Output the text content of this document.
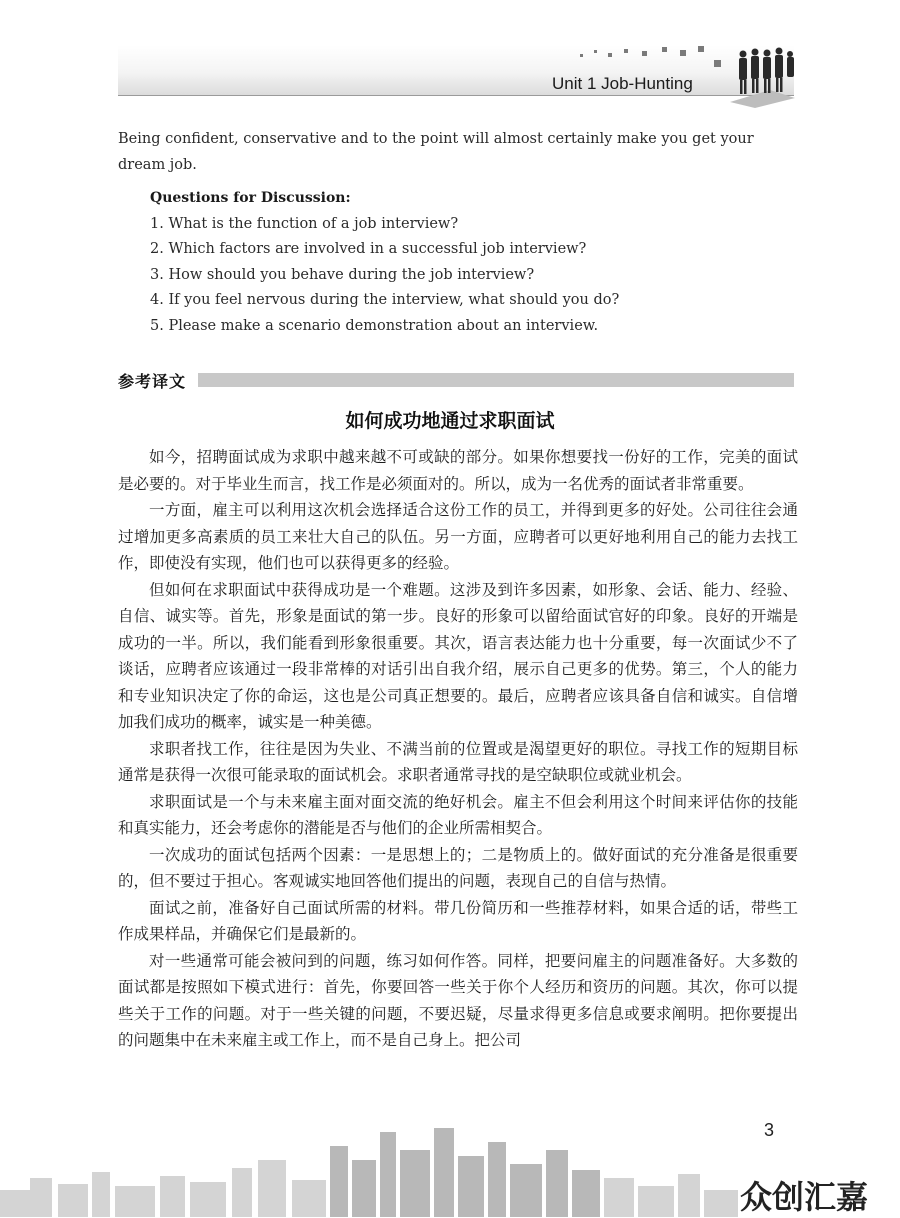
Unit 1 Job-Hunting
Being confident, conservative and to the point will almost certainly make you get your dream job.
Questions for Discussion:
1. What is the function of a job interview?
2. Which factors are involved in a successful job interview?
3. How should you behave during the job interview?
4. If you feel nervous during the interview, what should you do?
5. Please make a scenario demonstration about an interview.
参考译文
如何成功地通过求职面试

如今，招聘面试成为求职中越来越不可或缺的部分。如果你想要找一份好的工作，完美的面试是必要的。对于毕业生而言，找工作是必须面对的。所以，成为一名优秀的面试者非常重要。

一方面，雇主可以利用这次机会选择适合这份工作的员工，并得到更多的好处。公司往往会通过增加更多高素质的员工来壮大自己的队伍。另一方面，应聘者可以更好地利用自己的能力去找工作，即使没有实现，他们也可以获得更多的经验。

但如何在求职面试中获得成功是一个难题。这涉及到许多因素，如形象、会话、能力、经验、自信、诚实等。首先，形象是面试的第一步。良好的形象可以留给面试官好的印象。良好的开端是成功的一半。所以，我们能看到形象很重要。其次，语言表达能力也十分重要，每一次面试少不了谈话，应聘者应该通过一段非常棒的对话引出自我介绍，展示自己更多的优势。第三，个人的能力和专业知识决定了你的命运，这也是公司真正想要的。最后，应聘者应该具备自信和诚实。自信增加我们成功的概率，诚实是一种美德。

求职者找工作，往往是因为失业、不满当前的位置或是渴望更好的职位。寻找工作的短期目标通常是获得一次很可能录取的面试机会。求职者通常寻找的是空缺职位或就业机会。

求职面试是一个与未来雇主面对面交流的绝好机会。雇主不但会利用这个时间来评估你的技能和真实能力，还会考虑你的潜能是否与他们的企业所需相契合。

一次成功的面试包括两个因素：一是思想上的；二是物质上的。做好面试的充分准备是很重要的，但不要过于担心。客观诚实地回答他们提出的问题，表现自己的自信与热情。

面试之前，准备好自己面试所需的材料。带几份简历和一些推荐材料，如果合适的话，带些工作成果样品，并确保它们是最新的。

对一些通常可能会被问到的问题，练习如何作答。同样，把要问雇主的问题准备好。大多数的面试都是按照如下模式进行：首先，你要回答一些关于你个人经历和资历的问题。其次，你可以提些关于工作的问题。对于一些关键的问题，不要迟疑，尽量求得更多信息或要求阐明。把你要提出的问题集中在未来雇主或工作上，而不是自己身上。把公司

3
众创汇嘉
